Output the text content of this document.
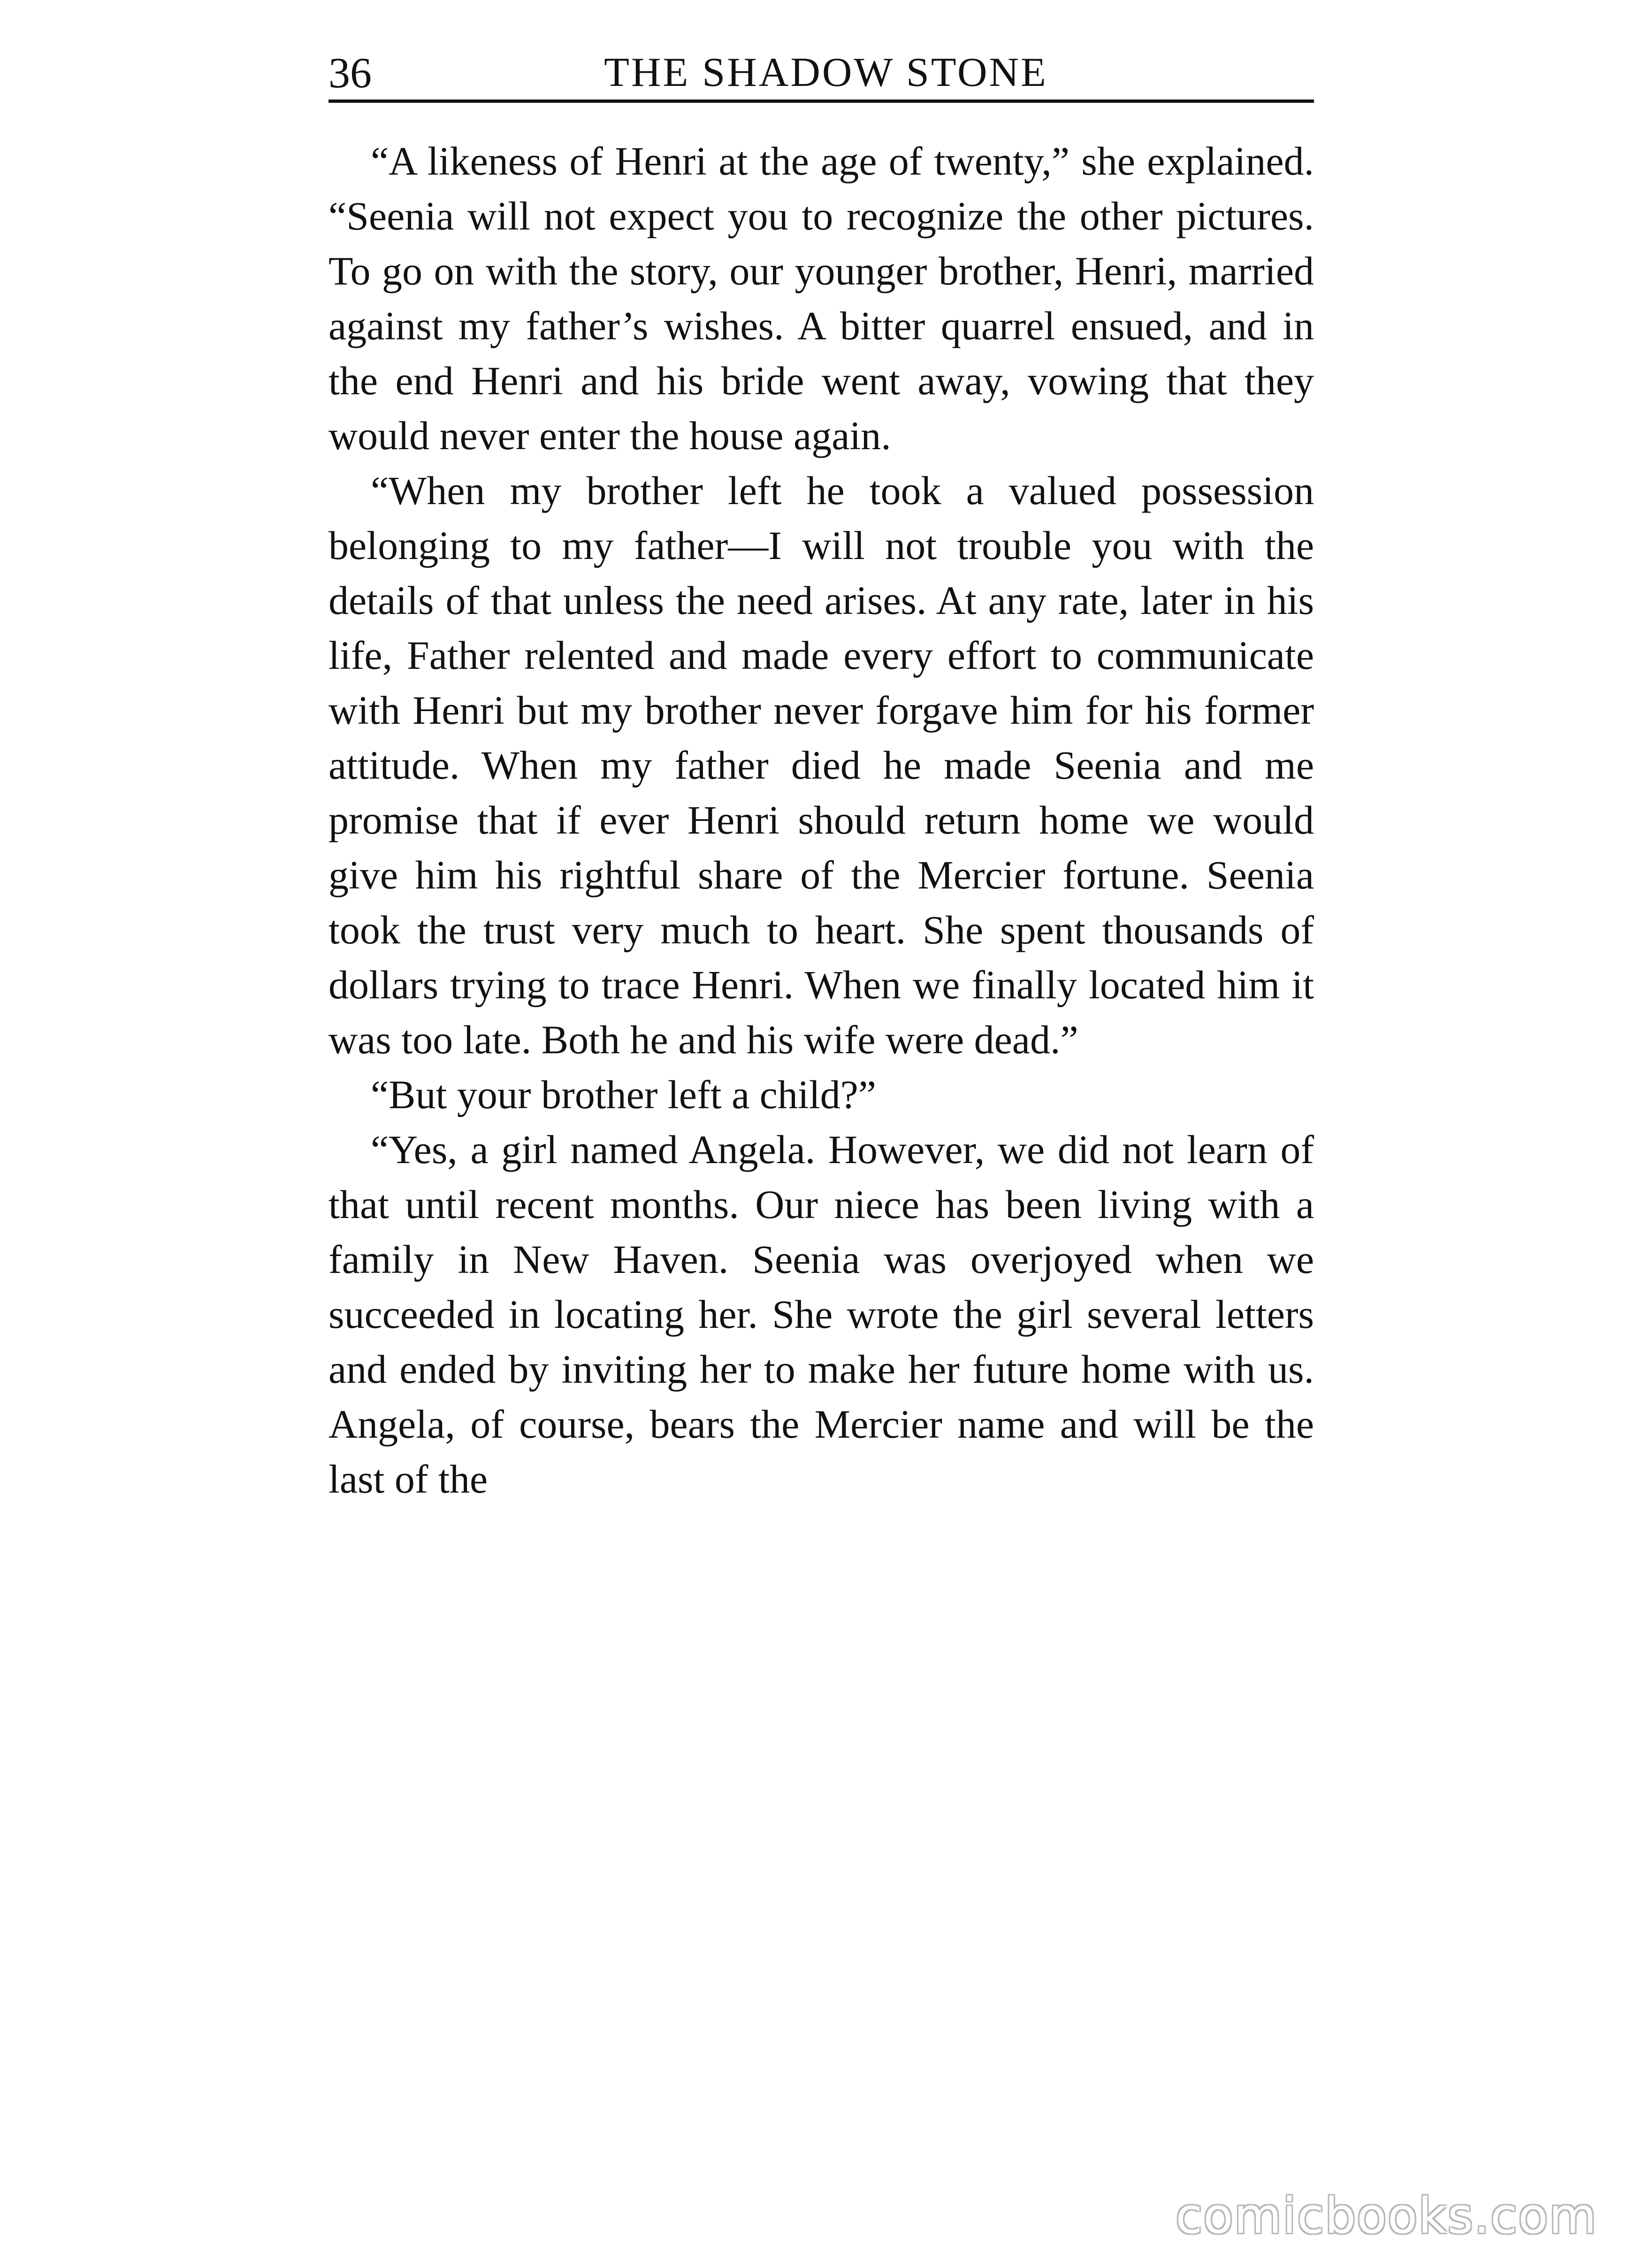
36	THE SHADOW STONE

“A likeness of Henri at the age of twenty,” she explained. “Seenia will not expect you to recognize the other pictures. To go on with the story, our younger brother, Henri, married against my father’s wishes. A bitter quarrel ensued, and in the end Henri and his bride went away, vowing that they would never enter the house again.

“When my brother left he took a valued possession belonging to my father—I will not trouble you with the details of that unless the need arises. At any rate, later in his life, Father relented and made every effort to communicate with Henri but my brother never forgave him for his former attitude. When my father died he made Seenia and me promise that if ever Henri should return home we would give him his rightful share of the Mercier fortune. Seenia took the trust very much to heart. She spent thousands of dollars trying to trace Henri. When we finally located him it was too late. Both he and his wife were dead.”

“But your brother left a child?”

“Yes, a girl named Angela. However, we did not learn of that until recent months. Our niece has been living with a family in New Haven. Seenia was overjoyed when we succeeded in locating her. She wrote the girl several letters and ended by inviting her to make her future home with us. Angela, of course, bears the Mercier name and will be the last of the

comicbooks.com
